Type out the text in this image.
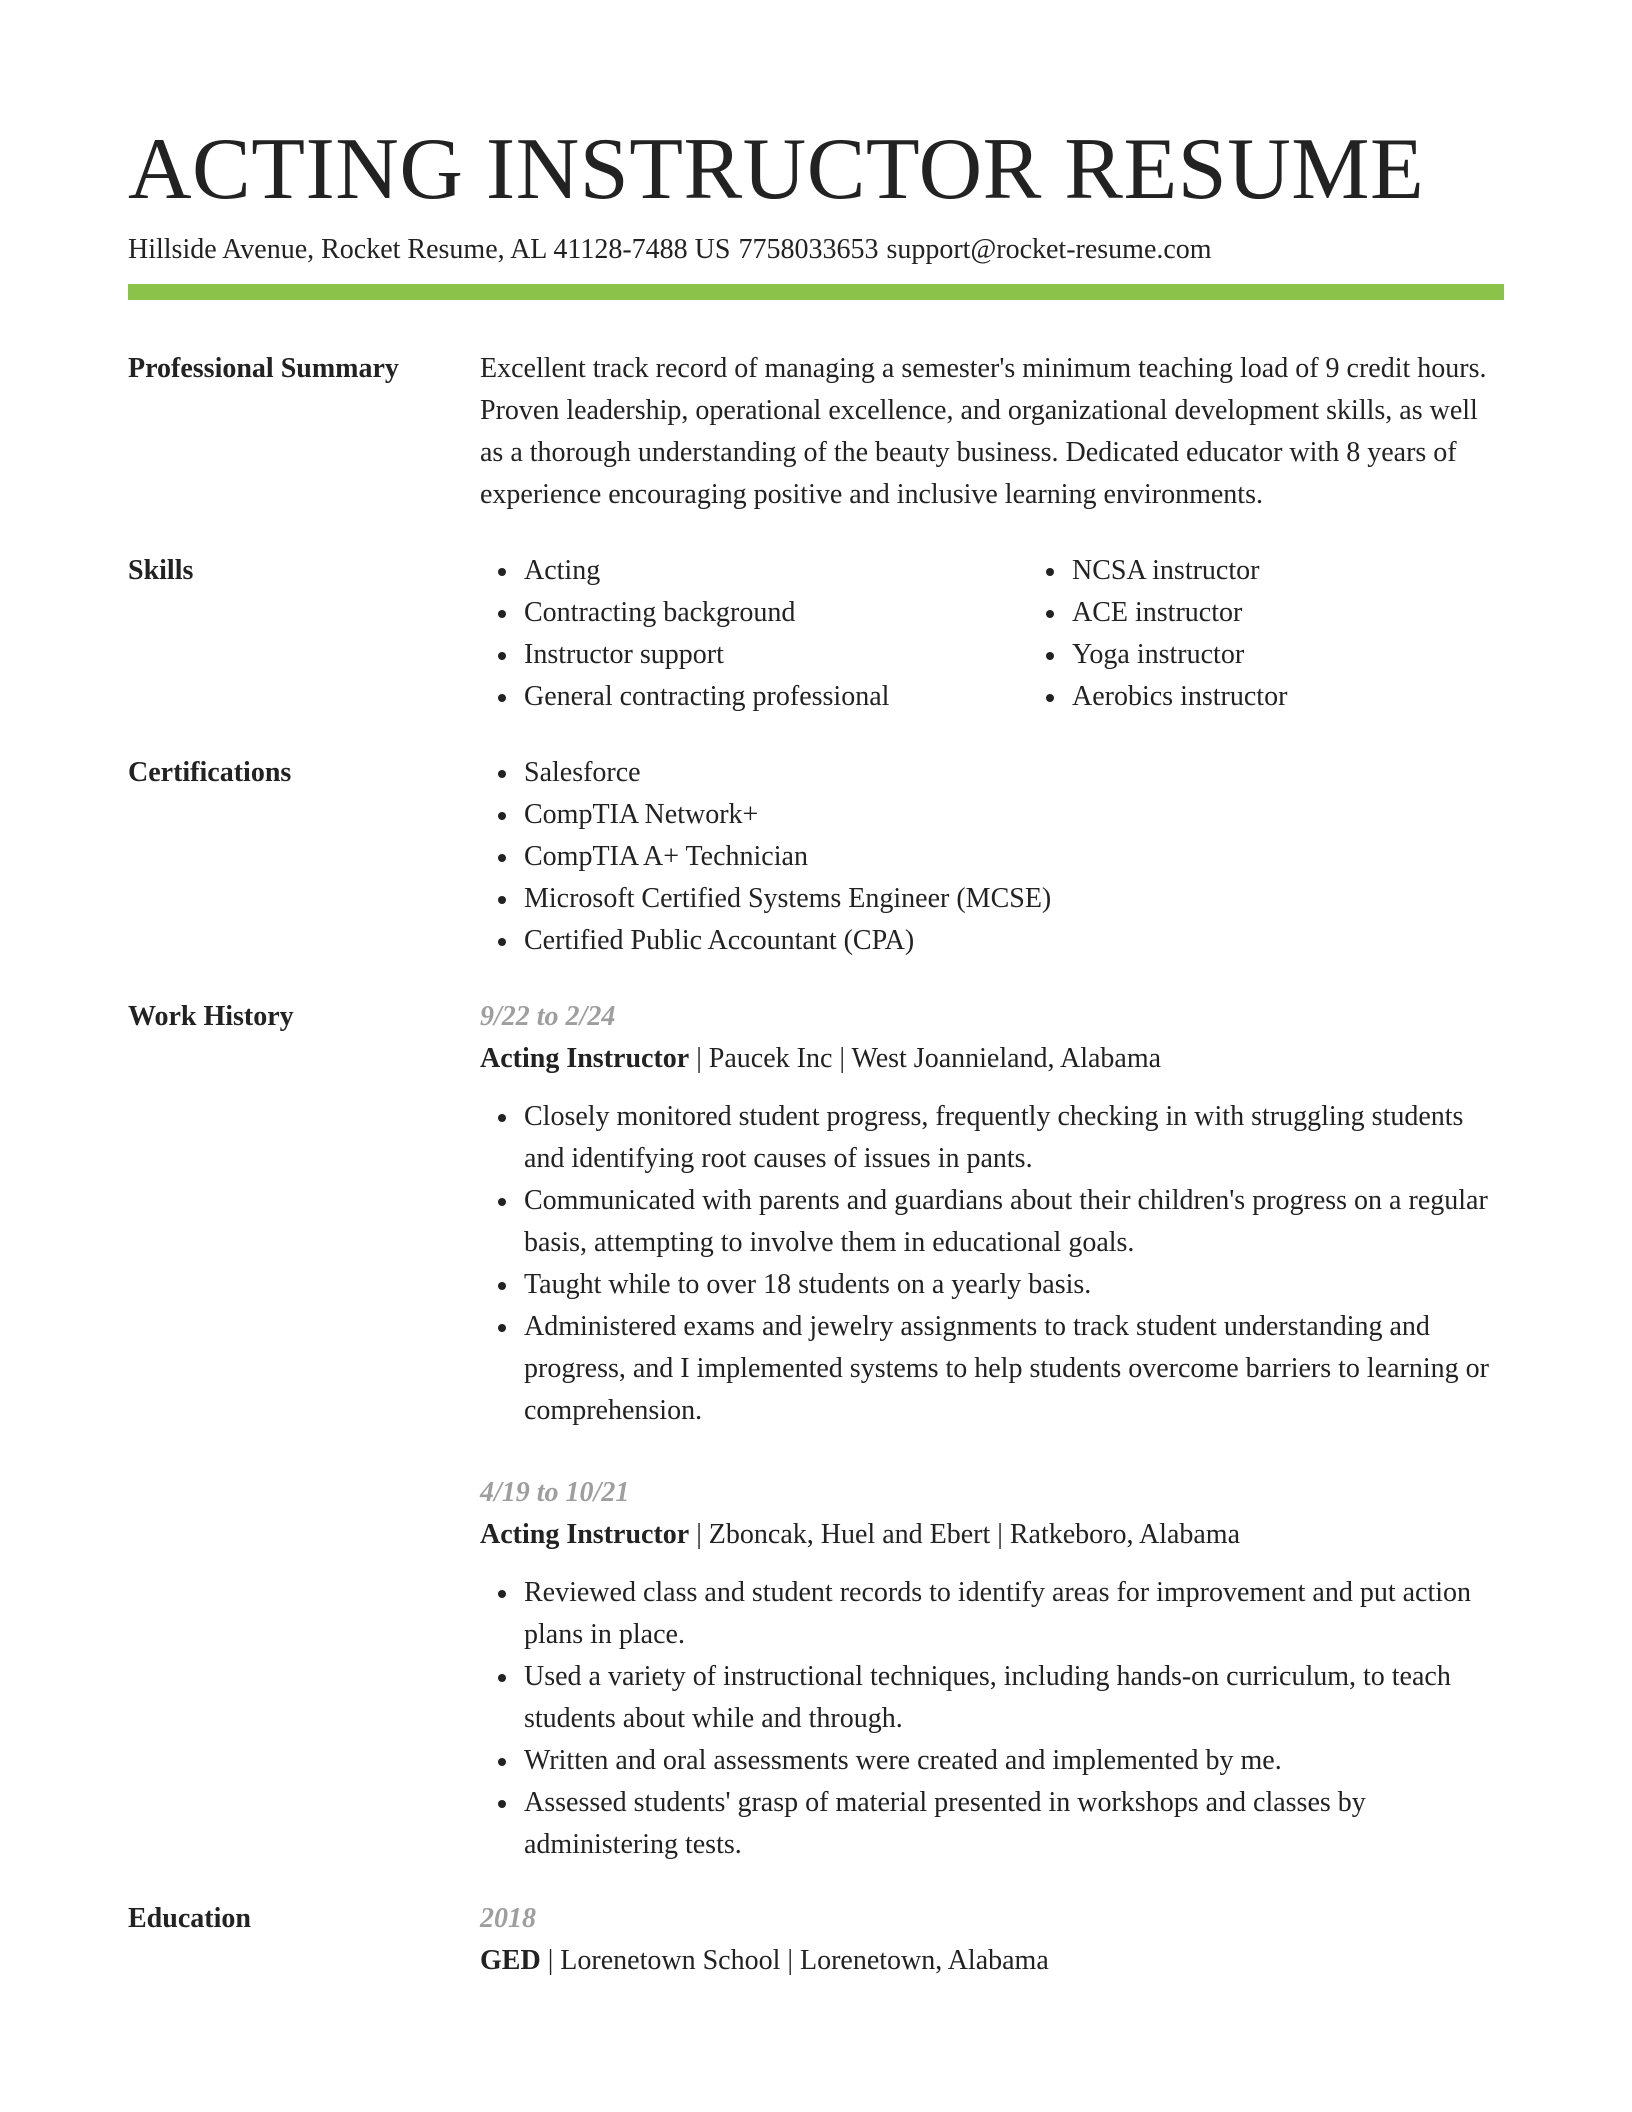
ACTING INSTRUCTOR RESUME
Hillside Avenue, Rocket Resume, AL 41128-7488 US 7758033653 support@rocket-resume.com
Professional Summary	Excellent track record of managing a semester's minimum teaching load of 9 credit hours. Proven leadership, operational excellence, and organizational development skills, as well as a thorough understanding of the beauty business. Dedicated educator with 8 years of experience encouraging positive and inclusive learning environments.
Skills	Acting
Contracting background
Instructor support
General contracting professional
NCSA instructor
ACE instructor
Yoga instructor
Aerobics instructor
Certifications	Salesforce
CompTIA Network+
CompTIA A+ Technician
Microsoft Certified Systems Engineer (MCSE)
Certified Public Accountant (CPA)
Work History	9/22 to 2/24
Acting Instructor | Paucek Inc | West Joannieland, Alabama
Closely monitored student progress, frequently checking in with struggling students and identifying root causes of issues in pants.
Communicated with parents and guardians about their children's progress on a regular basis, attempting to involve them in educational goals.
Taught while to over 18 students on a yearly basis.
Administered exams and jewelry assignments to track student understanding and progress, and I implemented systems to help students overcome barriers to learning or comprehension.
4/19 to 10/21
Acting Instructor | Zboncak, Huel and Ebert | Ratkeboro, Alabama
Reviewed class and student records to identify areas for improvement and put action plans in place.
Used a variety of instructional techniques, including hands-on curriculum, to teach students about while and through.
Written and oral assessments were created and implemented by me.
Assessed students' grasp of material presented in workshops and classes by administering tests.
Education	2018
GED | Lorenetown School | Lorenetown, Alabama
